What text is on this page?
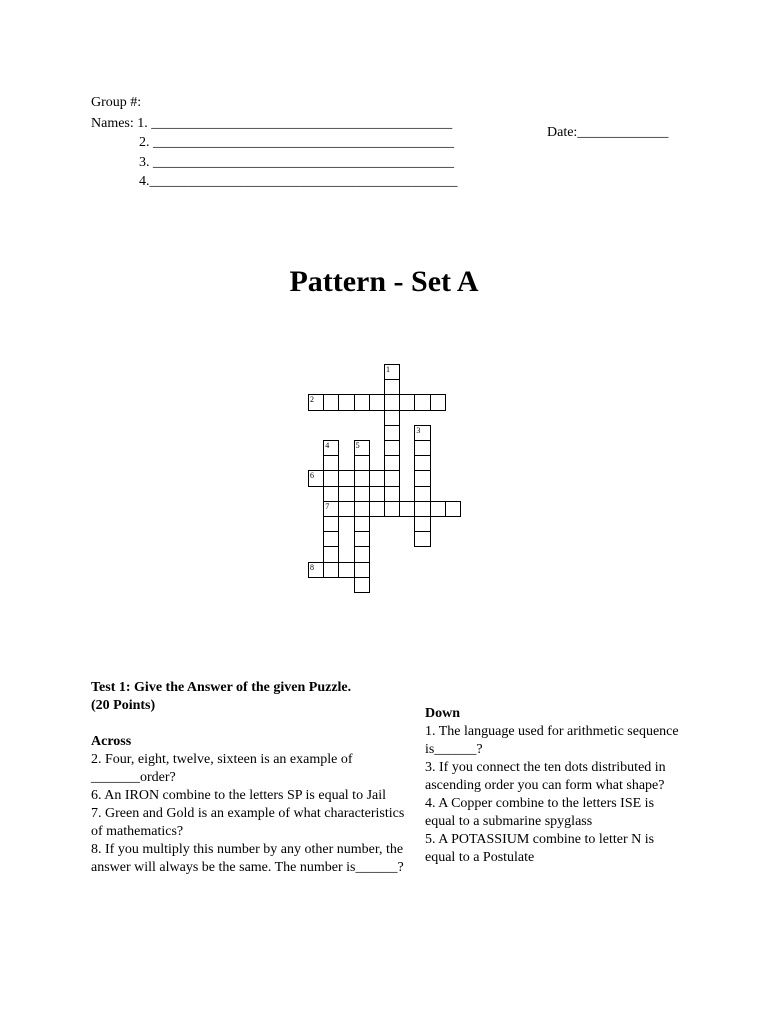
Group #:
Names: 1. ___________________________________________
2. ___________________________________________
3. ___________________________________________
4.____________________________________________
Date:_____________
Pattern - Set A
1
2
3
4
7
5
6
8

Test 1: Give the Answer of the given Puzzle.

(20 Points)

Across

2. Four, eight, twelve, sixteen is an example of _______order?

6. An IRON combine to the letters SP is equal to Jail

7. Green and Gold is an example of what characteristics of mathematics?

8. If you multiply this number by any other number, the answer will always be the same. The number is______?

Down

1. The language used for arithmetic sequence is______?

3. If you connect the ten dots distributed in ascending order you can form what shape?

4. A Copper combine to the letters ISE is equal to a submarine spyglass

5. A POTASSIUM combine to letter N is equal to a Postulate
